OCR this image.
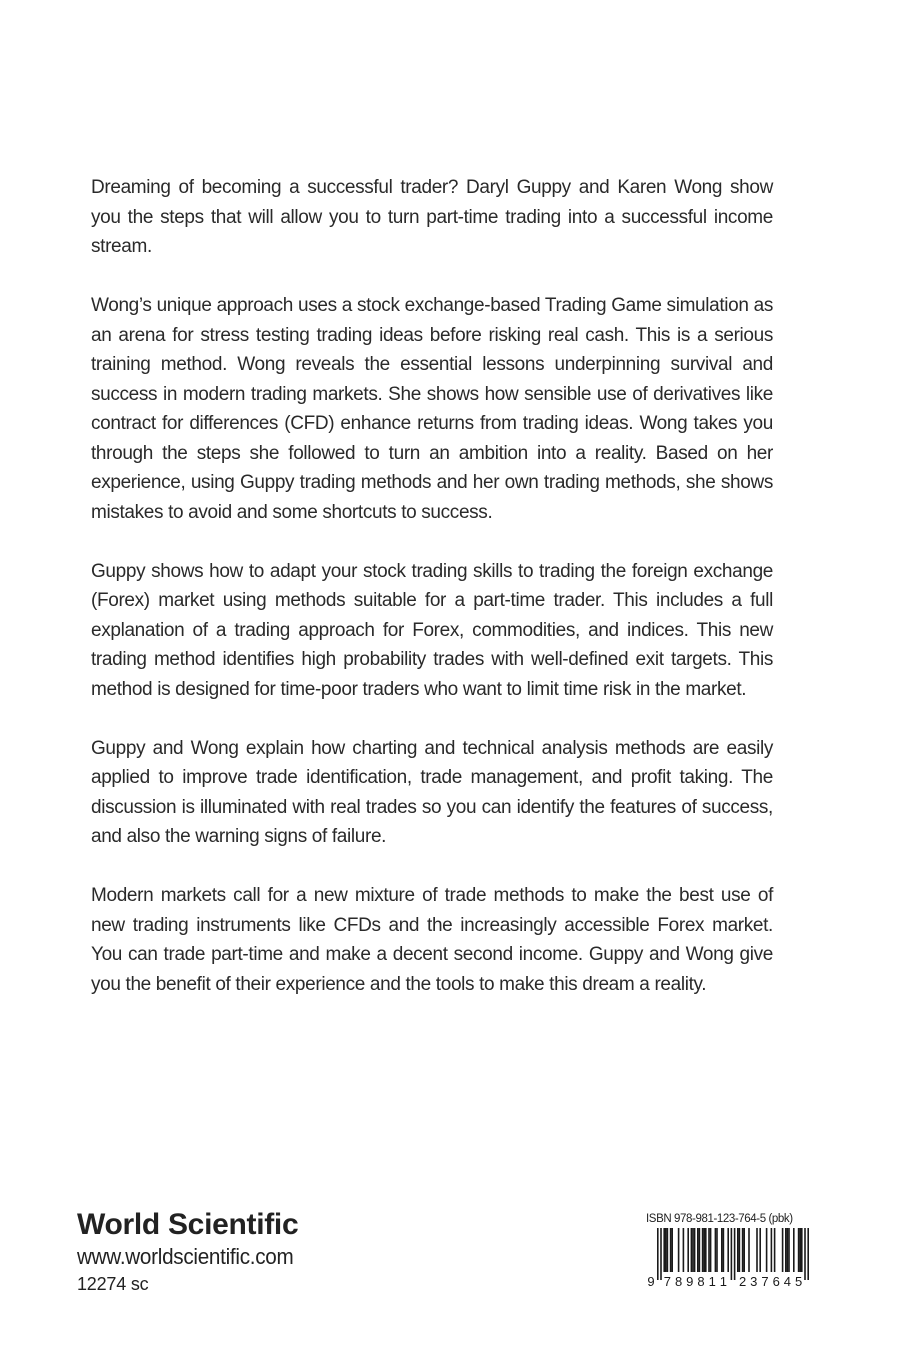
Dreaming of becoming a successful trader? Daryl Guppy and Karen Wong show you the steps that will allow you to turn part-time trading into a successful income stream.

Wong’s unique approach uses a stock exchange-based Trading Game simulation as an arena for stress testing trading ideas before risking real cash. This is a serious training method. Wong reveals the essential lessons underpinning survival and success in modern trading markets. She shows how sensible use of derivatives like contract for differences (CFD) enhance returns from trading ideas. Wong takes you through the steps she followed to turn an ambition into a reality. Based on her experience, using Guppy trading methods and her own trading methods, she shows mistakes to avoid and some shortcuts to success.

Guppy shows how to adapt your stock trading skills to trading the foreign exchange (Forex) market using methods suitable for a part-time trader. This includes a full explanation of a trading approach for Forex, commodities, and indices. This new trading method identifies high probability trades with well-defined exit targets. This method is designed for time-poor traders who want to limit time risk in the market.

Guppy and Wong explain how charting and technical analysis methods are easily applied to improve trade identification, trade management, and profit taking. The discussion is illuminated with real trades so you can identify the features of success, and also the warning signs of failure.

Modern markets call for a new mixture of trade methods to make the best use of new trading instruments like CFDs and the increasingly accessible Forex market. You can trade part-time and make a decent second income. Guppy and Wong give you the benefit of their experience and the tools to make this dream a reality.

World Scientific
www.worldscientific.com
12274 sc
ISBN 978-981-123-764-5 (pbk)
9 7 8 9 8 1 1 2 3 7 6 4 5
